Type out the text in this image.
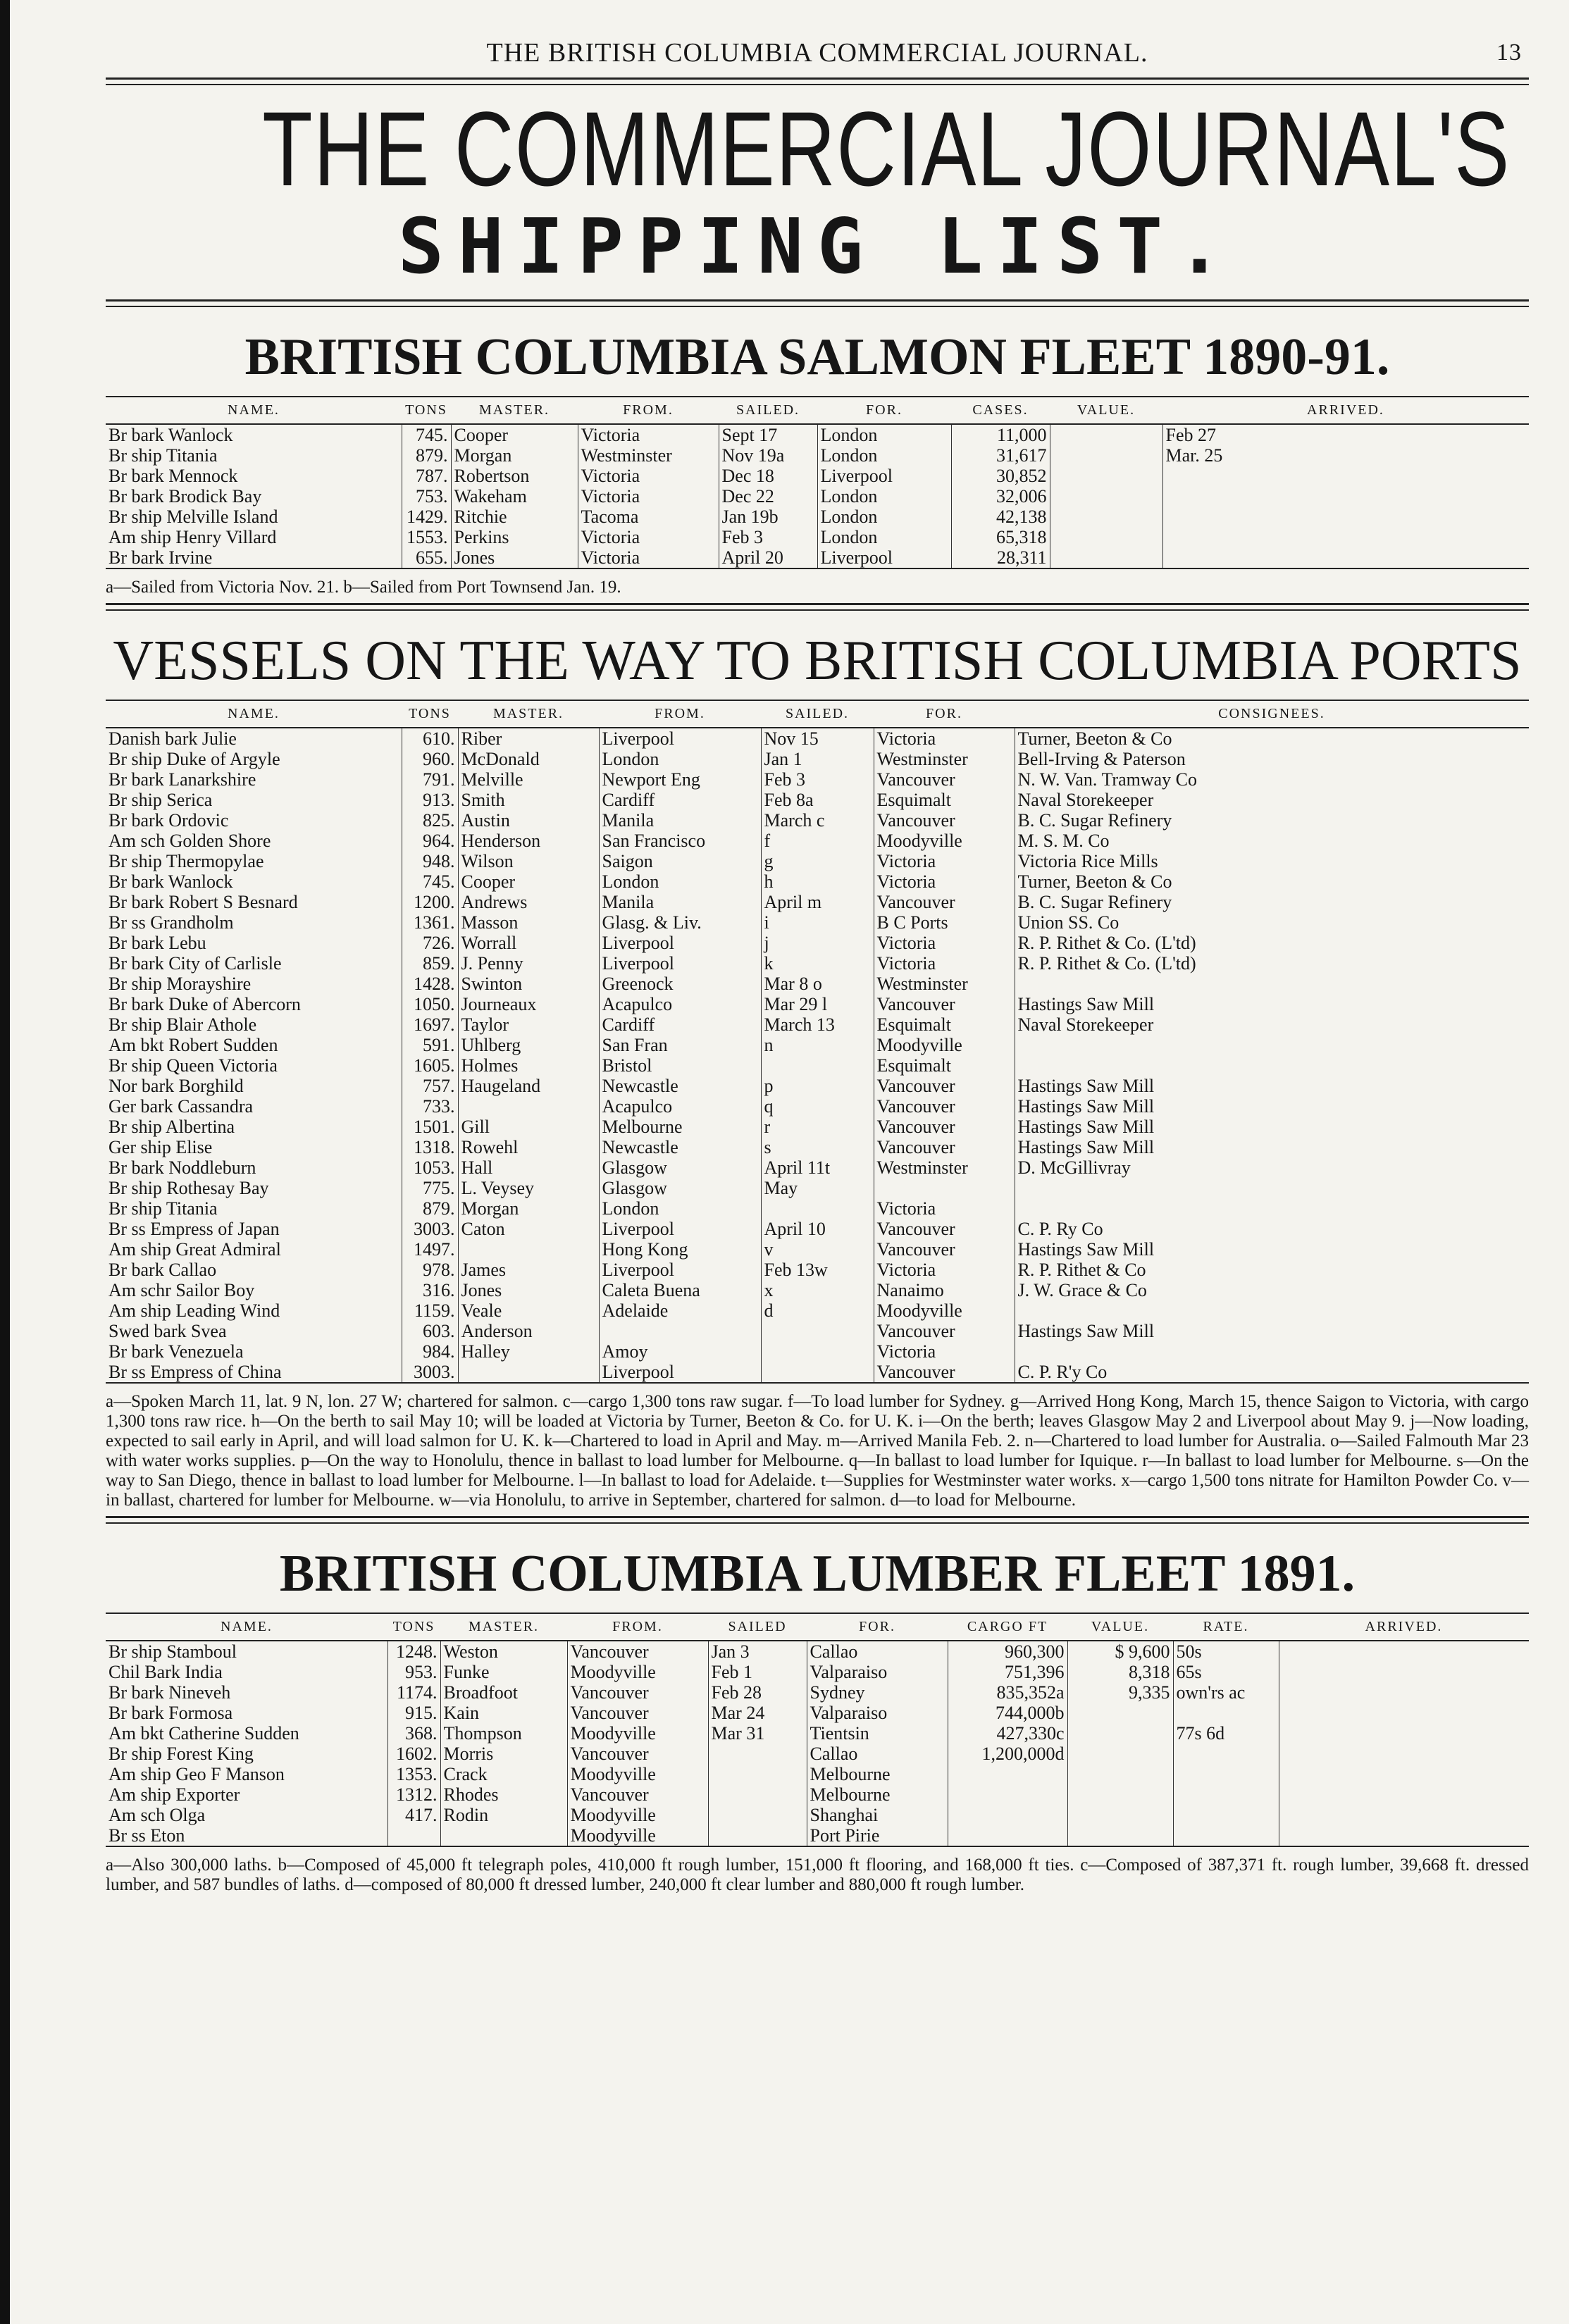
THE BRITISH COLUMBIA COMMERCIAL JOURNAL.	13
THE COMMERCIAL JOURNAL'S
SHIPPING LIST.
BRITISH COLUMBIA SALMON FLEET 1890-91.
NAME.	TONS	MASTER.	FROM.	SAILED.	FOR.	CASES.	VALUE.	ARRIVED.
Br bark Wanlock	745.	Cooper	Victoria	Sept 17	London	11,000		Feb 27
Br ship Titania	879.	Morgan	Westminster	Nov 19a	London	31,617		Mar. 25
Br bark Mennock	787.	Robertson	Victoria	Dec 18	Liverpool	30,852		
Br bark Brodick Bay	753.	Wakeham	Victoria	Dec 22	London	32,006		
Br ship Melville Island	1429.	Ritchie	Tacoma	Jan 19b	London	42,138		
Am ship Henry Villard	1553.	Perkins	Victoria	Feb 3	London	65,318		
Br bark Irvine	655.	Jones	Victoria	April 20	Liverpool	28,311		
a—Sailed from Victoria Nov. 21. b—Sailed from Port Townsend Jan. 19.
VESSELS ON THE WAY TO BRITISH COLUMBIA PORTS
NAME.	TONS	MASTER.	FROM.	SAILED.	FOR.	CONSIGNEES.
Danish bark Julie	610.	Riber	Liverpool	Nov 15	Victoria	Turner, Beeton & Co
Br ship Duke of Argyle	960.	McDonald	London	Jan 1	Westminster	Bell-Irving & Paterson
Br bark Lanarkshire	791.	Melville	Newport Eng	Feb 3	Vancouver	N. W. Van. Tramway Co
Br ship Serica	913.	Smith	Cardiff	Feb 8a	Esquimalt	Naval Storekeeper
Br bark Ordovic	825.	Austin	Manila	March c	Vancouver	B. C. Sugar Refinery
Am sch Golden Shore	964.	Henderson	San Francisco	f	Moodyville	M. S. M. Co
Br ship Thermopylae	948.	Wilson	Saigon	g	Victoria	Victoria Rice Mills
Br bark Wanlock	745.	Cooper	London	h	Victoria	Turner, Beeton & Co
Br bark Robert S Besnard	1200.	Andrews	Manila	April m	Vancouver	B. C. Sugar Refinery
Br ss Grandholm	1361.	Masson	Glasg. & Liv.	i	B C Ports	Union SS. Co
Br bark Lebu	726.	Worrall	Liverpool	j	Victoria	R. P. Rithet & Co. (L'td)
Br bark City of Carlisle	859.	J. Penny	Liverpool	k	Victoria	R. P. Rithet & Co. (L'td)
Br ship Morayshire	1428.	Swinton	Greenock	Mar 8 o	Westminster	
Br bark Duke of Abercorn	1050.	Journeaux	Acapulco	Mar 29 l	Vancouver	Hastings Saw Mill
Br ship Blair Athole	1697.	Taylor	Cardiff	March 13	Esquimalt	Naval Storekeeper
Am bkt Robert Sudden	591.	Uhlberg	San Fran	n	Moodyville	
Br ship Queen Victoria	1605.	Holmes	Bristol		Esquimalt	
Nor bark Borghild	757.	Haugeland	Newcastle	p	Vancouver	Hastings Saw Mill
Ger bark Cassandra	733.		Acapulco	q	Vancouver	Hastings Saw Mill
Br ship Albertina	1501.	Gill	Melbourne	r	Vancouver	Hastings Saw Mill
Ger ship Elise	1318.	Rowehl	Newcastle	s	Vancouver	Hastings Saw Mill
Br bark Noddleburn	1053.	Hall	Glasgow	April 11t	Westminster	D. McGillivray
Br ship Rothesay Bay	775.	L. Veysey	Glasgow	May		
Br ship Titania	879.	Morgan	London		Victoria	
Br ss Empress of Japan	3003.	Caton	Liverpool	April 10	Vancouver	C. P. Ry Co
Am ship Great Admiral	1497.		Hong Kong	v	Vancouver	Hastings Saw Mill
Br bark Callao	978.	James	Liverpool	Feb 13w	Victoria	R. P. Rithet & Co
Am schr Sailor Boy	316.	Jones	Caleta Buena	x	Nanaimo	J. W. Grace & Co
Am ship Leading Wind	1159.	Veale	Adelaide	d	Moodyville	
Swed bark Svea	603.	Anderson			Vancouver	Hastings Saw Mill
Br bark Venezuela	984.	Halley	Amoy		Victoria	
Br ss Empress of China	3003.		Liverpool		Vancouver	C. P. R'y Co
a—Spoken March 11, lat. 9 N, lon. 27 W; chartered for salmon. c—cargo 1,300 tons raw sugar. f—To load lumber for Sydney. g—Arrived Hong Kong, March 15, thence Saigon to Victoria, with cargo 1,300 tons raw rice. h—On the berth to sail May 10; will be loaded at Victoria by Turner, Beeton & Co. for U. K. i—On the berth; leaves Glasgow May 2 and Liverpool about May 9. j—Now loading, expected to sail early in April, and will load salmon for U. K. k—Chartered to load in April and May. m—Arrived Manila Feb. 2. n—Chartered to load lumber for Australia. o—Sailed Falmouth Mar 23 with water works supplies. p—On the way to Honolulu, thence in ballast to load lumber for Melbourne. q—In ballast to load lumber for Iquique. r—In ballast to load lumber for Melbourne. s—On the way to San Diego, thence in ballast to load lumber for Melbourne. l—In ballast to load for Adelaide. t—Supplies for Westminster water works. x—cargo 1,500 tons nitrate for Hamilton Powder Co. v—in ballast, chartered for lumber for Melbourne. w—via Honolulu, to arrive in September, chartered for salmon. d—to load for Melbourne.
BRITISH COLUMBIA LUMBER FLEET 1891.
NAME.	TONS	MASTER.	FROM.	SAILED	FOR.	CARGO FT	VALUE.	RATE.	ARRIVED.
Br ship Stamboul	1248.	Weston	Vancouver	Jan 3	Callao	960,300	$ 9,600	50s	
Chil Bark India	953.	Funke	Moodyville	Feb 1	Valparaiso	751,396	8,318	65s	
Br bark Nineveh	1174.	Broadfoot	Vancouver	Feb 28	Sydney	835,352a	9,335	own'rs ac	
Br bark Formosa	915.	Kain	Vancouver	Mar 24	Valparaiso	744,000b			
Am bkt Catherine Sudden	368.	Thompson	Moodyville	Mar 31	Tientsin	427,330c		77s 6d	
Br ship Forest King	1602.	Morris	Vancouver		Callao	1,200,000d			
Am ship Geo F Manson	1353.	Crack	Moodyville		Melbourne				
Am ship Exporter	1312.	Rhodes	Vancouver		Melbourne				
Am sch Olga	417.	Rodin	Moodyville		Shanghai				
Br ss Eton			Moodyville		Port Pirie				
a—Also 300,000 laths. b—Composed of 45,000 ft telegraph poles, 410,000 ft rough lumber, 151,000 ft flooring, and 168,000 ft ties. c—Composed of 387,371 ft. rough lumber, 39,668 ft. dressed lumber, and 587 bundles of laths. d—composed of 80,000 ft dressed lumber, 240,000 ft clear lumber and 880,000 ft rough lumber.
